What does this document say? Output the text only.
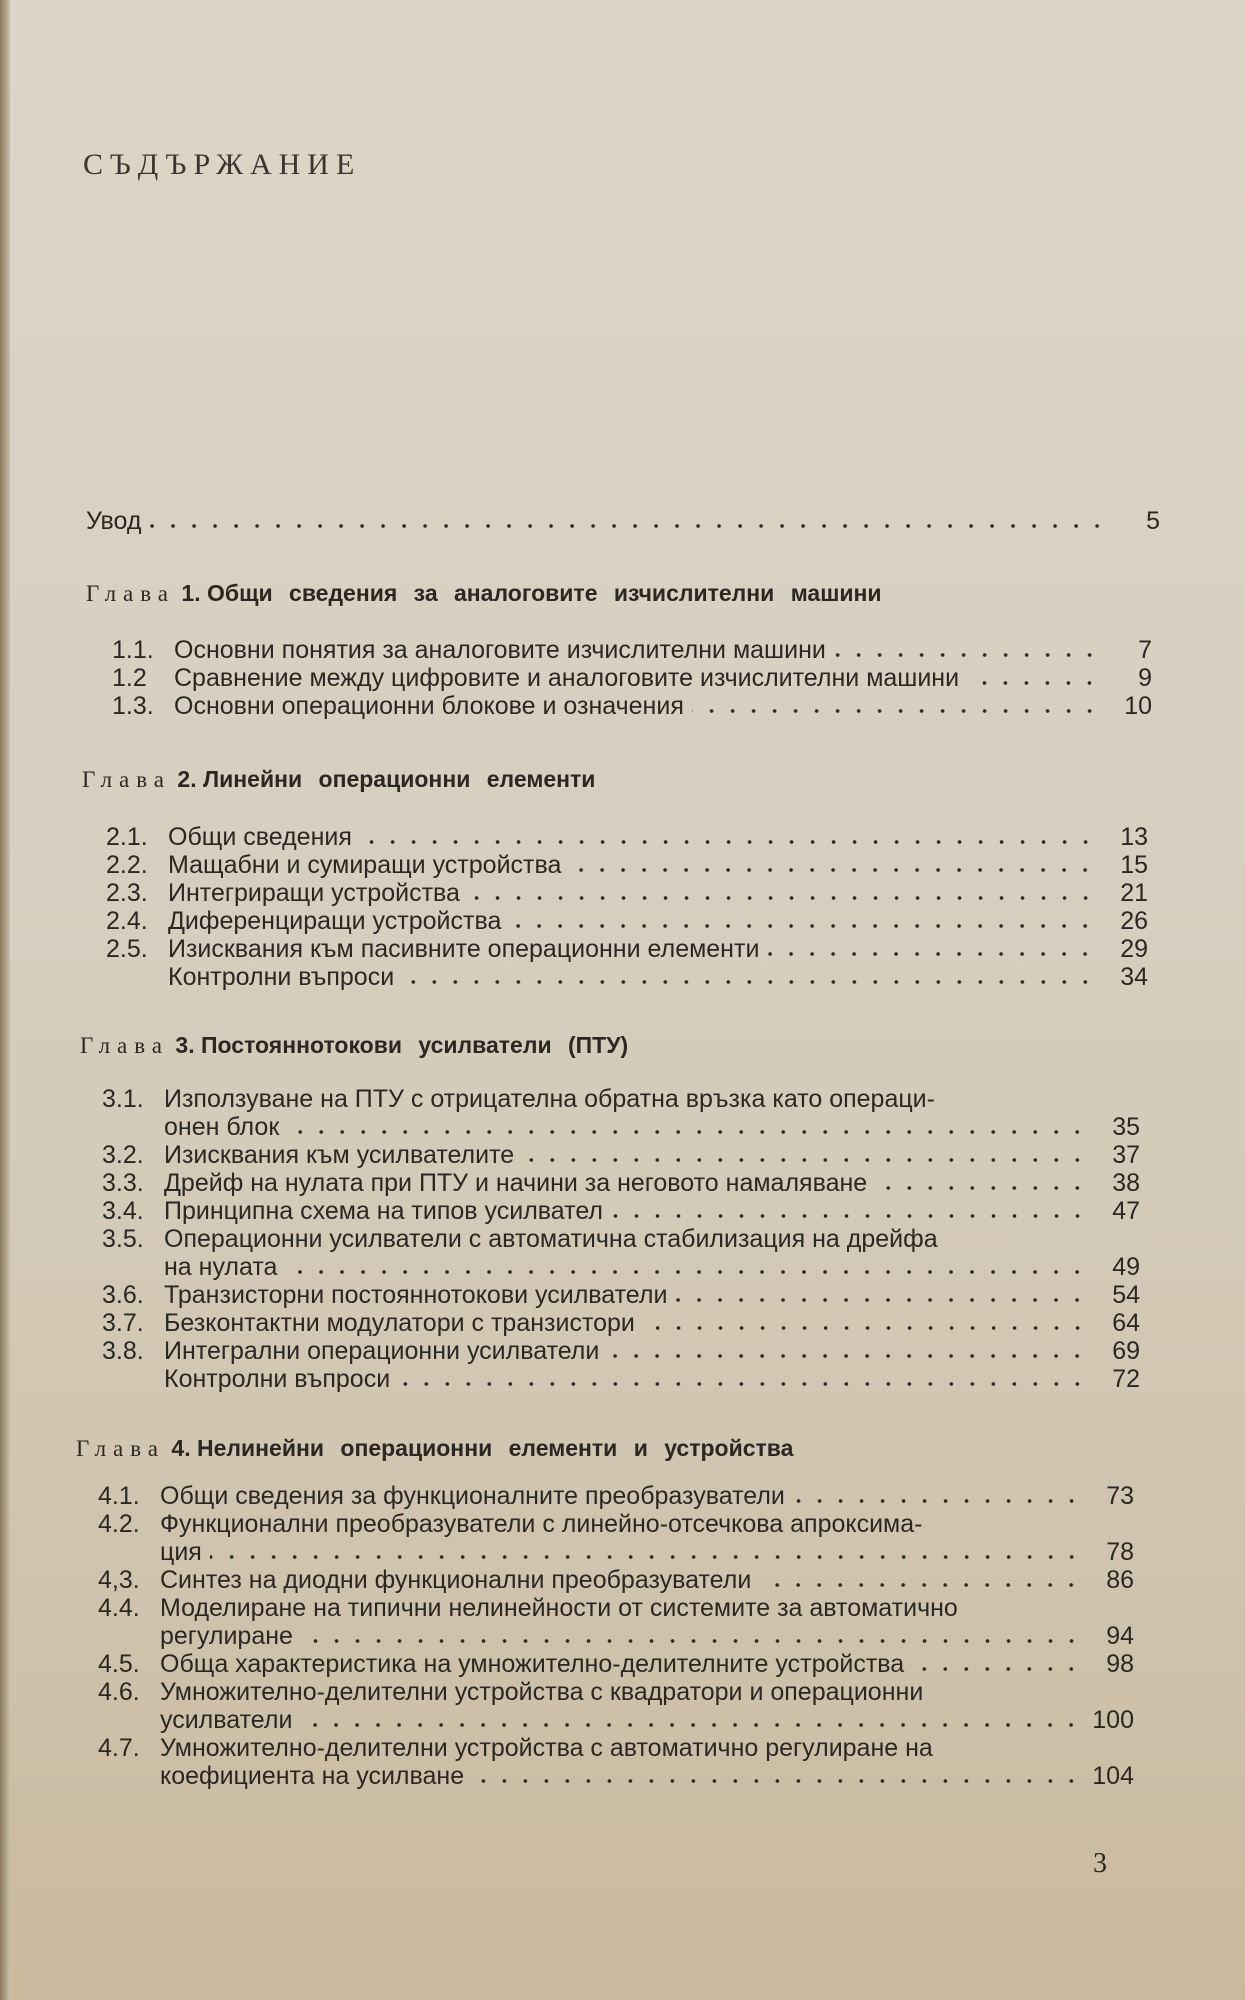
СЪДЪРЖАНИЕ
Увод	5
Глава 1. Общи сведения за аналоговите изчислителни машини
1.1. Основни понятия за аналоговите изчислителни машини	7
1.2	Сравнение между цифровите и аналоговите изчислителни машини	9
1.3. Основни операционни блокове и означения	10
Глава 2. Линейни операционни елементи
2.1. Общи сведения	13
2.2. Мащабни и сумиращи устройства	15
2.3. Интегриращи устройства	21
2.4. Диференциращи устройства	26
2.5. Изисквания към пасивните операционни елементи	29
Контролни въпроси	34
Глава 3. Постояннотокови усилватели (ПТУ)
3.1. Използуване на ПТУ с отрицателна обратна връзка като операци-
онен блок	35
3.2. Изисквания към усилвателите	37
3.3. Дрейф на нулата при ПТУ и начини за неговото намаляване	38
3.4. Принципна схема на типов усилвател	47
3.5. Операционни усилватели с автоматична стабилизация на дрейфа
на нулата	49
3.6. Транзисторни постояннотокови усилватели	54
3.7. Безконтактни модулатори с транзистори	64
3.8. Интегрални операционни усилватели	69
Контролни въпроси	72
Глава 4. Нелинейни операционни елементи и устройства
4.1. Общи сведения за функционалните преобразуватели	73
4.2. Функционални преобразуватели с линейно-отсечкова апроксима-
ция	78
4,3. Синтез на диодни функционални преобразуватели	86
4.4. Моделиране на типични нелинейности от системите за автоматично
регулиране	94
4.5. Обща характеристика на умножително-делителните устройства	98
4.6. Умножително-делителни устройства с квадратори и операционни
усилватели	100
4.7. Умножително-делителни устройства с автоматично регулиране на
коефициента на усилване	104
3
